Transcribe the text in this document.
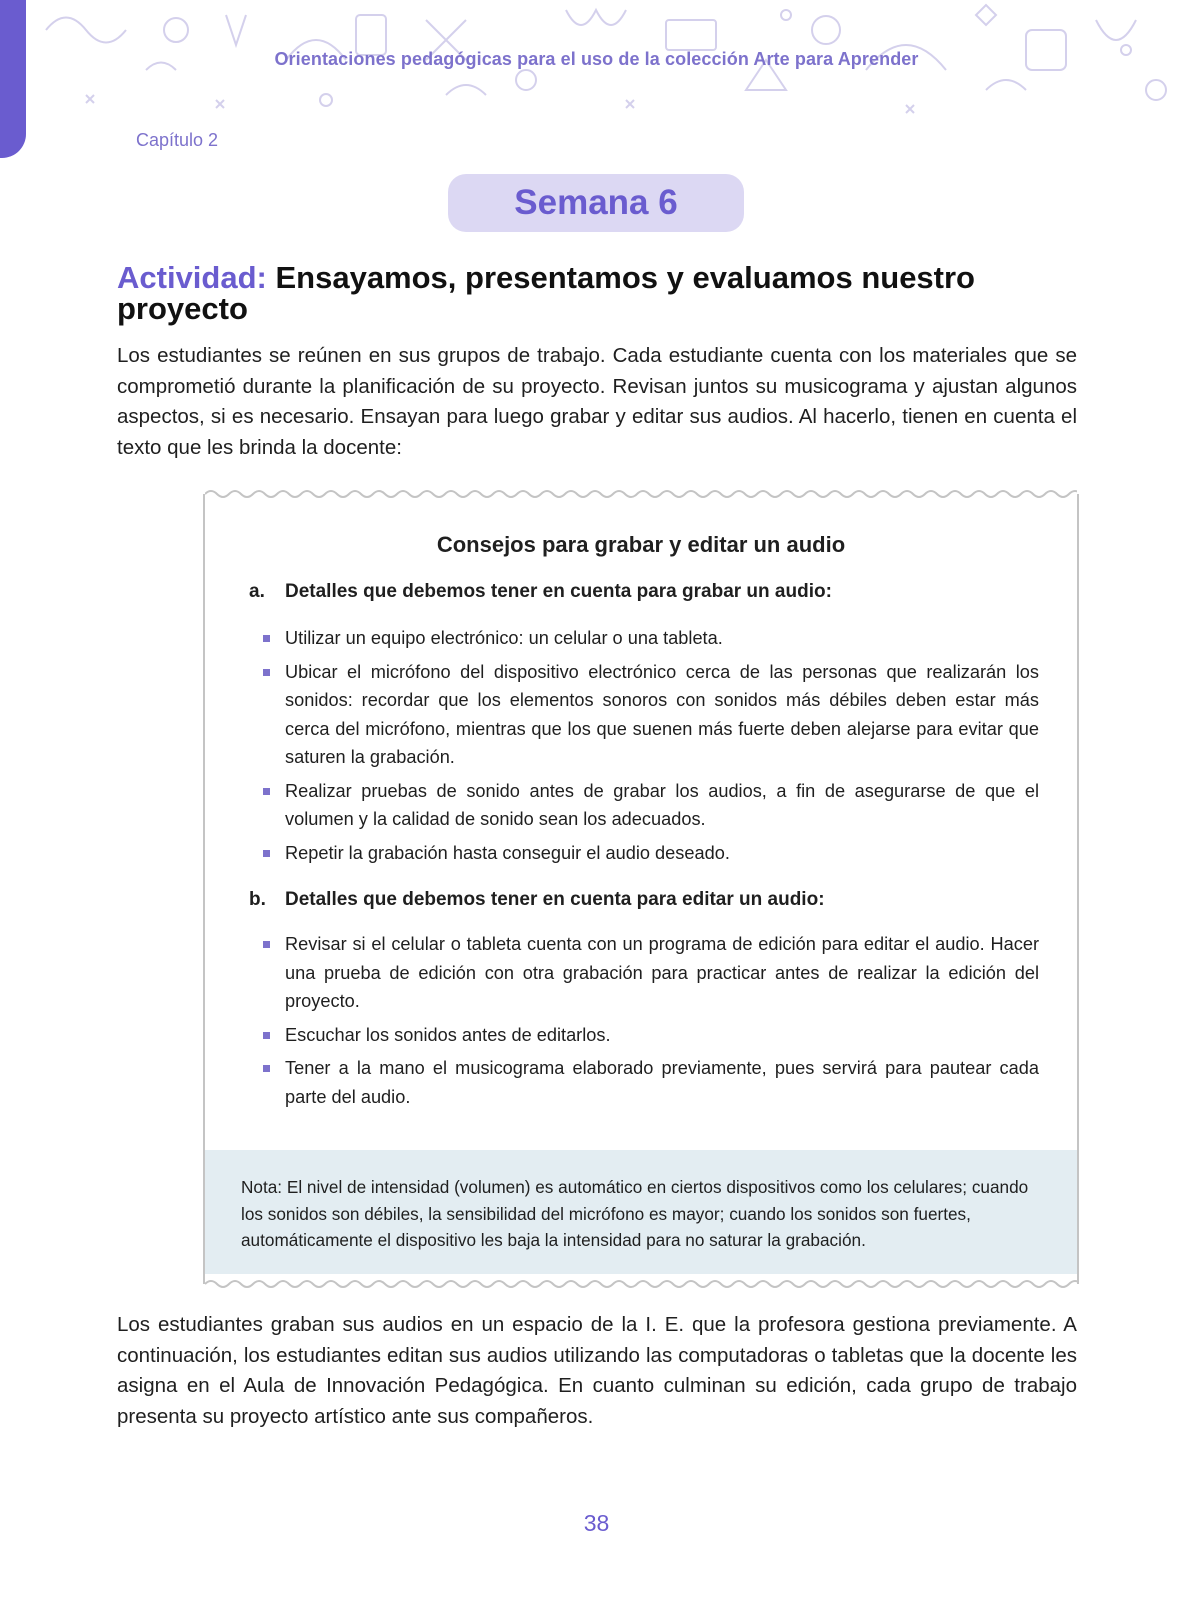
Orientaciones pedagógicas para el uso de la colección Arte para Aprender
Capítulo 2
Semana 6
Actividad: Ensayamos, presentamos y evaluamos nuestro proyecto
Los estudiantes se reúnen en sus grupos de trabajo. Cada estudiante cuenta con los materiales que se comprometió durante la planificación de su proyecto. Revisan juntos su musicograma y ajustan algunos aspectos, si es necesario. Ensayan para luego grabar y editar sus audios. Al hacerlo, tienen en cuenta el texto que les brinda la docente:
Consejos para grabar y editar un audio
a. Detalles que debemos tener en cuenta para grabar un audio:
Utilizar un equipo electrónico: un celular o una tableta.
Ubicar el micrófono del dispositivo electrónico cerca de las personas que realizarán los sonidos: recordar que los elementos sonoros con sonidos más débiles deben estar más cerca del micrófono, mientras que los que suenen más fuerte deben alejarse para evitar que saturen la grabación.
Realizar pruebas de sonido antes de grabar los audios, a fin de asegurarse de que el volumen y la calidad de sonido sean los adecuados.
Repetir la grabación hasta conseguir el audio deseado.
b. Detalles que debemos tener en cuenta para editar un audio:
Revisar si el celular o tableta cuenta con un programa de edición para editar el audio. Hacer una prueba de edición con otra grabación para practicar antes de realizar la edición del proyecto.
Escuchar los sonidos antes de editarlos.
Tener a la mano el musicograma elaborado previamente, pues servirá para pautear cada parte del audio.
Nota: El nivel de intensidad (volumen) es automático en ciertos dispositivos como los celulares; cuando los sonidos son débiles, la sensibilidad del micrófono es mayor; cuando los sonidos son fuertes, automáticamente el dispositivo les baja la intensidad para no saturar la grabación.
Los estudiantes graban sus audios en un espacio de la I. E. que la profesora gestiona previamente. A continuación, los estudiantes editan sus audios utilizando las computadoras o tabletas que la docente les asigna en el Aula de Innovación Pedagógica. En cuanto culminan su edición, cada grupo de trabajo presenta su proyecto artístico ante sus compañeros.
38
